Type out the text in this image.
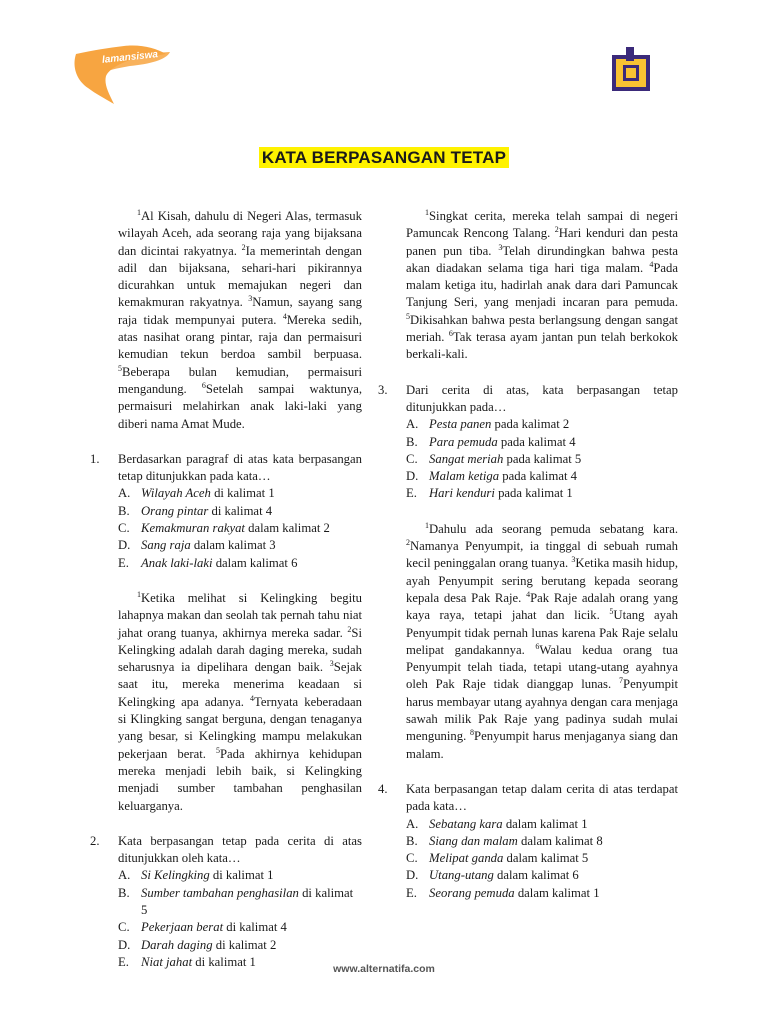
lamansiswa
KATA BERPASANGAN TETAP

$^1$Al Kisah, dahulu di Negeri Alas, termasuk wilayah Aceh, ada seorang raja yang bijaksana dan dicintai rakyatnya. $^2$Ia memerintah dengan adil dan bijaksana, sehari-hari pikirannya dicurahkan untuk memajukan negeri dan kemakmuran rakyatnya. $^3$Namun, sayang sang raja tidak mempunyai putera. $^4$Mereka sedih, atas nasihat orang pintar, raja dan permaisuri kemudian tekun berdoa sambil berpuasa. $^5$Beberapa bulan kemudian, permaisuri mengandung. $^6$Setelah sampai waktunya, permaisuri melahirkan anak laki-laki yang diberi nama Amat Mude.

1. Berdasarkan paragraf di atas kata berpasangan tetap ditunjukkan pada kata…
A. Wilayah Aceh di kalimat 1
B. Orang pintar di kalimat 4
C. Kemakmuran rakyat dalam kalimat 2
D. Sang raja dalam kalimat 3
E. Anak laki-laki dalam kalimat 6

$^1$Ketika melihat si Kelingking begitu lahapnya makan dan seolah tak pernah tahu niat jahat orang tuanya, akhirnya mereka sadar. $^2$Si Kelingking adalah darah daging mereka, sudah seharusnya ia dipelihara dengan baik. $^3$Sejak saat itu, mereka menerima keadaan si Kelingking apa adanya. $^4$Ternyata keberadaan si Klingking sangat berguna, dengan tenaganya yang besar, si Kelingking mampu melakukan pekerjaan berat. $^5$Pada akhirnya kehidupan mereka menjadi lebih baik, si Kelingking menjadi sumber tambahan penghasilan keluarganya.

2. Kata berpasangan tetap pada cerita di atas ditunjukkan oleh kata…
A. Si Kelingking di kalimat 1
B. Sumber tambahan penghasilan di kalimat 5
C. Pekerjaan berat di kalimat 4
D. Darah daging di kalimat 2
E. Niat jahat di kalimat 1

$^1$Singkat cerita, mereka telah sampai di negeri Pamuncak Rencong Talang. $^2$Hari kenduri dan pesta panen pun tiba. $^3$Telah dirundingkan bahwa pesta akan diadakan selama tiga hari tiga malam. $^4$Pada malam ketiga itu, hadirlah anak dara dari Pamuncak Tanjung Seri, yang menjadi incaran para pemuda. $^5$Dikisahkan bahwa pesta berlangsung dengan sangat meriah. $^6$Tak terasa ayam jantan pun telah berkokok berkali-kali.

3. Dari cerita di atas, kata berpasangan tetap ditunjukkan pada…
A. Pesta panen pada kalimat 2
B. Para pemuda pada kalimat 4
C. Sangat meriah pada kalimat 5
D. Malam ketiga pada kalimat 4
E. Hari kenduri pada kalimat 1

$^1$Dahulu ada seorang pemuda sebatang kara. $^2$Namanya Penyumpit, ia tinggal di sebuah rumah kecil peninggalan orang tuanya. $^3$Ketika masih hidup, ayah Penyumpit sering berutang kepada seorang kepala desa Pak Raje. $^4$Pak Raje adalah orang yang kaya raya, tetapi jahat dan licik. $^5$Utang ayah Penyumpit tidak pernah lunas karena Pak Raje selalu melipat gandakannya. $^6$Walau kedua orang tua Penyumpit telah tiada, tetapi utang-utang ayahnya oleh Pak Raje tidak dianggap lunas. $^7$Penyumpit harus membayar utang ayahnya dengan cara menjaga sawah milik Pak Raje yang padinya sudah mulai menguning. $^8$Penyumpit harus menjaganya siang dan malam.

4. Kata berpasangan tetap dalam cerita di atas terdapat pada kata…
A. Sebatang kara dalam kalimat 1
B. Siang dan malam dalam kalimat 8
C. Melipat ganda dalam kalimat 5
D. Utang-utang dalam kalimat 6
E. Seorang pemuda dalam kalimat 1
www.alternatifa.com
